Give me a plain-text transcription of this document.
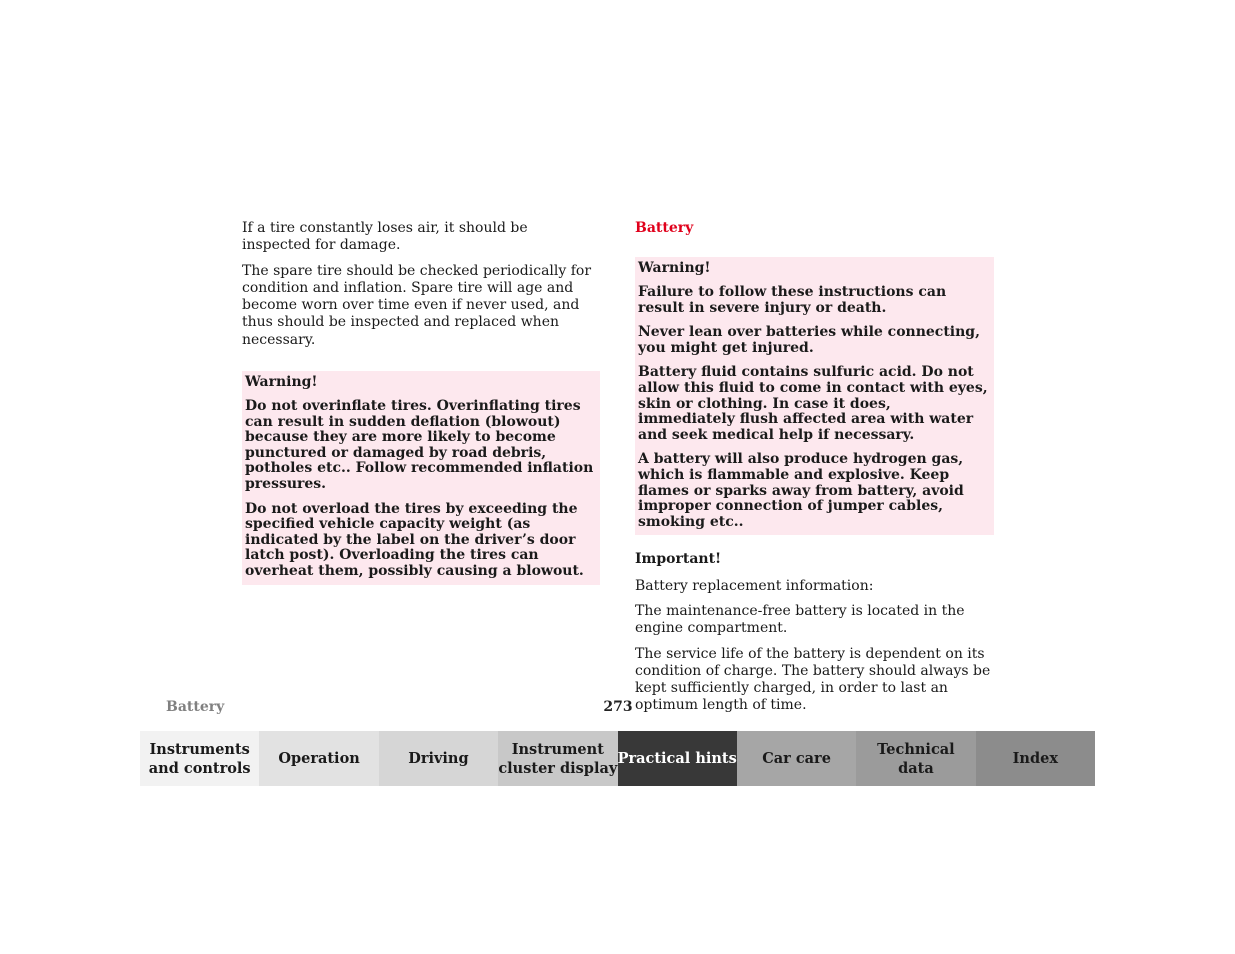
If a tire constantly loses air, it should be inspected for damage.

The spare tire should be checked periodically for condition and inflation. Spare tire will age and become worn over time even if never used, and thus should be inspected and replaced when necessary.

Warning!

Do not overinflate tires. Overinflating tires can result in sudden deflation (blowout) because they are more likely to become punctured or damaged by road debris, potholes etc.. Follow recommended inflation pressures.

Do not overload the tires by exceeding the specified vehicle capacity weight (as indicated by the label on the driver’s door latch post). Overloading the tires can overheat them, possibly causing a blowout.

Battery
Warning!

Failure to follow these instructions can result in severe injury or death.

Never lean over batteries while connecting, you might get injured.

Battery fluid contains sulfuric acid. Do not allow this fluid to come in contact with eyes, skin or clothing. In case it does, immediately flush affected area with water and seek medical help if necessary.

A battery will also produce hydrogen gas, which is flammable and explosive. Keep flames or sparks away from battery, avoid improper connection of jumper cables, smoking etc..

Important!

Battery replacement information:

The maintenance-free battery is located in the engine compartment.

The service life of the battery is dependent on its condition of charge. The battery should always be kept sufficiently charged, in order to last an optimum length of time.

Battery	273
Instruments
and controls
Operation	Driving
Instrument
cluster display
Practical hints	Car care
Technical
data
Index
